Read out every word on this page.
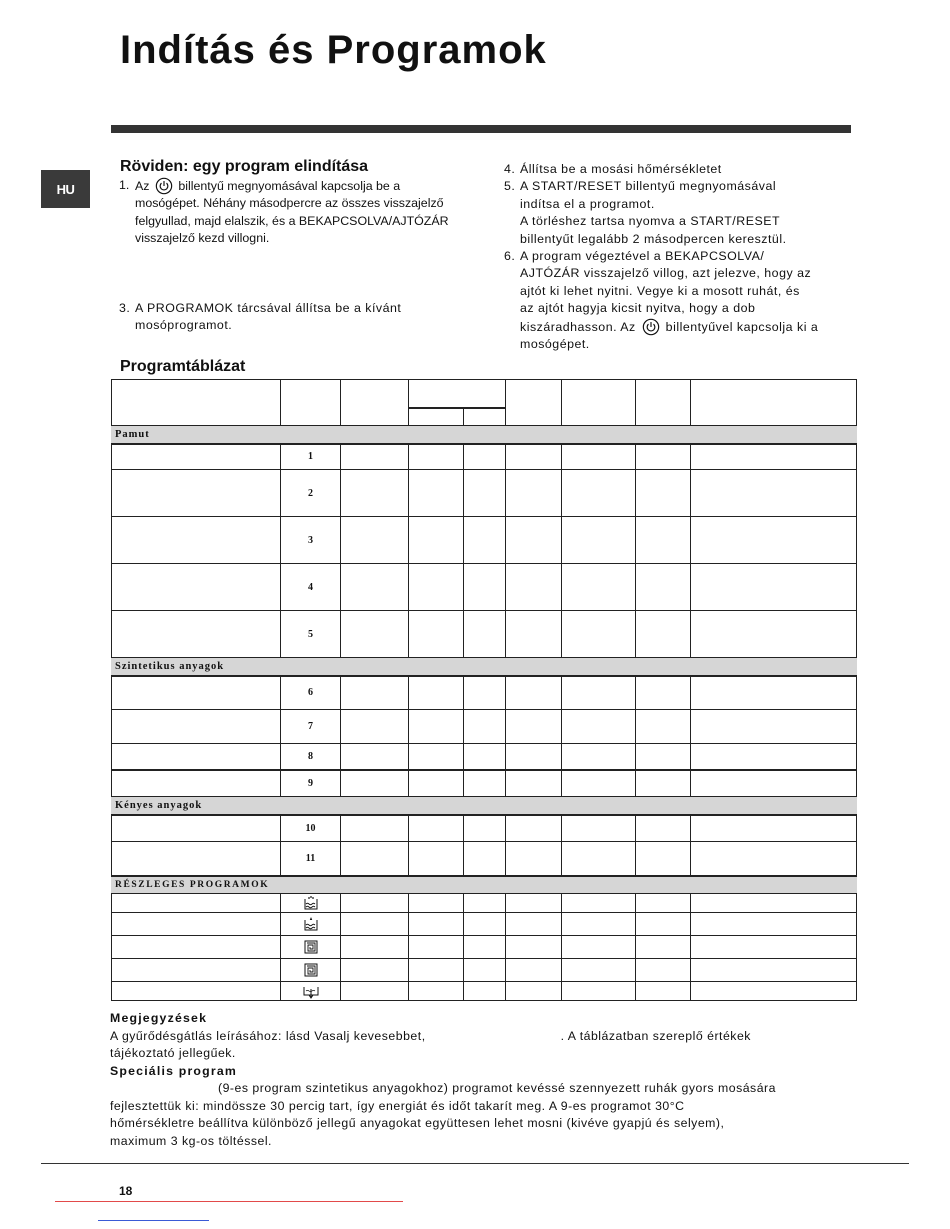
Indítás és Programok
HU
Röviden: egy program elindítása
1. Az billentyű megnyomásával kapcsolja be a
mosógépet. Néhány másodpercre az összes visszajelző
felgyullad, majd elalszik, és a BEKAPCSOLVA/AJTÓZÁR
visszajelző kezd villogni.
3. A PROGRAMOK tárcsával állítsa be a kívánt
mosóprogramot.
4. Állítsa be a mosási hőmérsékletet
5. A START/RESET billentyű megnyomásával
indítsa el a programot.
A törléshez tartsa nyomva a START/RESET
billentyűt legalább 2 másodpercen keresztül.
6. A program végeztével a BEKAPCSOLVA/
AJTÓZÁR visszajelző villog, azt jelezve, hogy az
ajtót ki lehet nyitni. Vegye ki a mosott ruhát, és
az ajtót hagyja kicsit nyitva, hogy a dob
kiszáradhasson. Az billentyűvel kapcsolja ki a
mosógépet.
Programtáblázat

Pamut								
	1							
	2							
	3							
	4							
	5							
Szintetikus anyagok								
	6							
	7							
	8							
	9							
Kényes anyagok								
	10							
	11							
RÉSZLEGES PROGRAMOK								

Megjegyzések
A gyűrődésgátlás leírásához: lásd Vasalj kevesebbet,	. A táblázatban szereplő értékek
tájékoztató jellegűek.
Speciális program
(9-es program szintetikus anyagokhoz) programot kevéssé szennyezett ruhák gyors mosására
fejlesztettük ki: mindössze 30 percig tart, így energiát és időt takarít meg. A 9-es programot 30°C
hőmérsékletre beállítva különböző jellegű anyagokat együttesen lehet mosni (kivéve gyapjú és selyem),
maximum 3 kg-os töltéssel.
18
